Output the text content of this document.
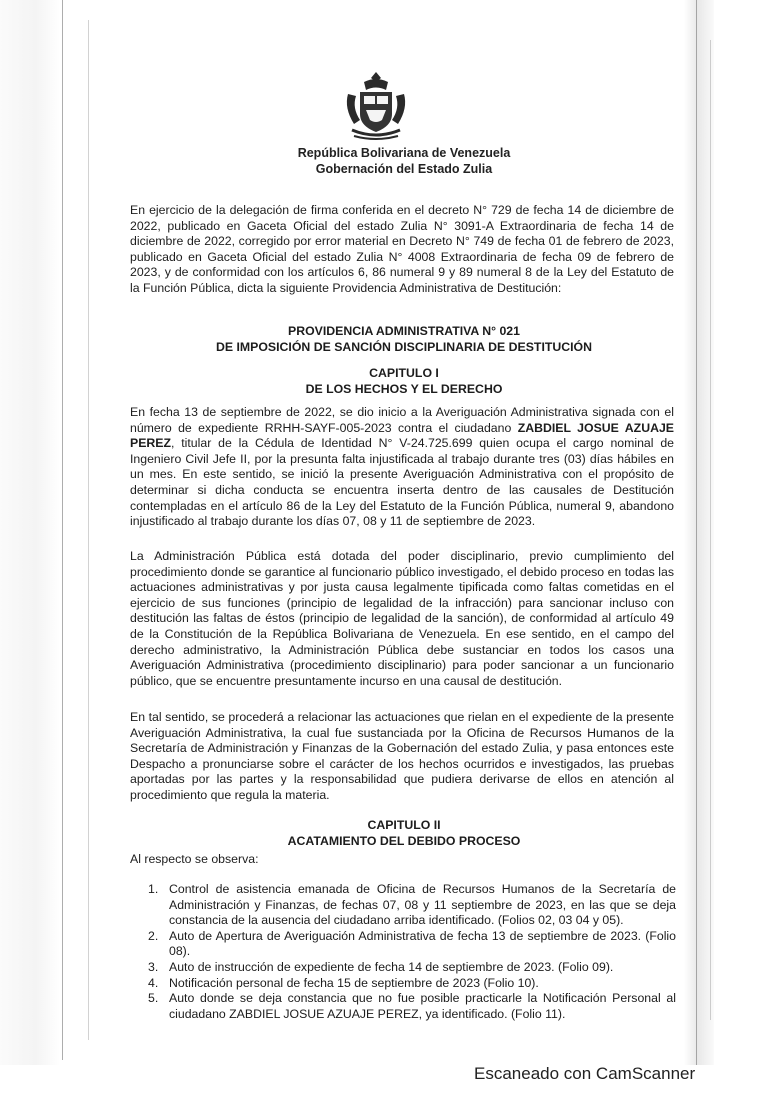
República Bolivariana de Venezuela
Gobernación del Estado Zulia

En ejercicio de la delegación de firma conferida en el decreto N° 729 de fecha 14 de diciembre de 2022, publicado en Gaceta Oficial del estado Zulia N° 3091-A Extraordinaria de fecha 14 de diciembre de 2022, corregido por error material en Decreto N° 749 de fecha 01 de febrero de 2023, publicado en Gaceta Oficial del estado Zulia N° 4008 Extraordinaria de fecha 09 de febrero de 2023, y de conformidad con los artículos 6, 86 numeral 9 y 89 numeral 8 de la Ley del Estatuto de la Función Pública, dicta la siguiente Providencia Administrativa de Destitución:

PROVIDENCIA ADMINISTRATIVA N° 021

DE IMPOSICIÓN DE SANCIÓN DISCIPLINARIA DE DESTITUCIÓN

CAPITULO I

DE LOS HECHOS Y EL DERECHO

En fecha 13 de septiembre de 2022, se dio inicio a la Averiguación Administrativa signada con el número de expediente RRHH-SAYF-005-2023 contra el ciudadano ZABDIEL JOSUE AZUAJE PEREZ, titular de la Cédula de Identidad N° V-24.725.699 quien ocupa el cargo nominal de Ingeniero Civil Jefe II, por la presunta falta injustificada al trabajo durante tres (03) días hábiles en un mes. En este sentido, se inició la presente Averiguación Administrativa con el propósito de determinar si dicha conducta se encuentra inserta dentro de las causales de Destitución contempladas en el artículo 86 de la Ley del Estatuto de la Función Pública, numeral 9, abandono injustificado al trabajo durante los días 07, 08 y 11 de septiembre de 2023.

La Administración Pública está dotada del poder disciplinario, previo cumplimiento del procedimiento donde se garantice al funcionario público investigado, el debido proceso en todas las actuaciones administrativas y por justa causa legalmente tipificada como faltas cometidas en el ejercicio de sus funciones (principio de legalidad de la infracción) para sancionar incluso con destitución las faltas de éstos (principio de legalidad de la sanción), de conformidad al artículo 49 de la Constitución de la República Bolivariana de Venezuela. En ese sentido, en el campo del derecho administrativo, la Administración Pública debe sustanciar en todos los casos una Averiguación Administrativa (procedimiento disciplinario) para poder sancionar a un funcionario público, que se encuentre presuntamente incurso en una causal de destitución.

En tal sentido, se procederá a relacionar las actuaciones que rielan en el expediente de la presente Averiguación Administrativa, la cual fue sustanciada por la Oficina de Recursos Humanos de la Secretaría de Administración y Finanzas de la Gobernación del estado Zulia, y pasa entonces este Despacho a pronunciarse sobre el carácter de los hechos ocurridos e investigados, las pruebas aportadas por las partes y la responsabilidad que pudiera derivarse de ellos en atención al procedimiento que regula la materia.

CAPITULO II

ACATAMIENTO DEL DEBIDO PROCESO

Al respecto se observa:

1. Control de asistencia emanada de Oficina de Recursos Humanos de la Secretaría de Administración y Finanzas, de fechas 07, 08 y 11 septiembre de 2023, en las que se deja constancia de la ausencia del ciudadano arriba identificado. (Folios 02, 03 04 y 05).
2. Auto de Apertura de Averiguación Administrativa de fecha 13 de septiembre de 2023. (Folio 08).
3. Auto de instrucción de expediente de fecha 14 de septiembre de 2023. (Folio 09).
4. Notificación personal de fecha 15 de septiembre de 2023 (Folio 10).
5. Auto donde se deja constancia que no fue posible practicarle la Notificación Personal al ciudadano ZABDIEL JOSUE AZUAJE PEREZ, ya identificado. (Folio 11).
Escaneado con CamScanner
